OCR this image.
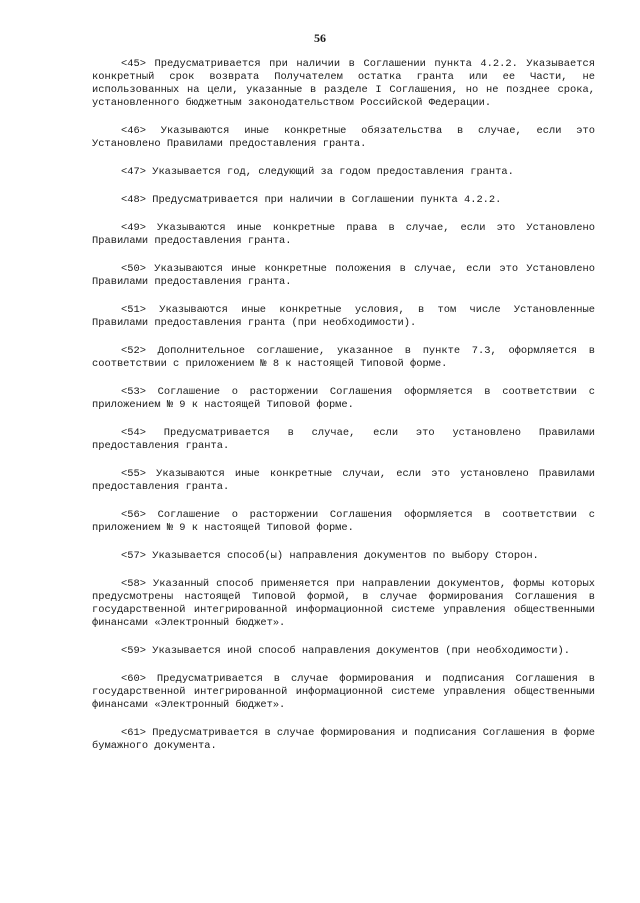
56

<45> Предусматривается при наличии в Соглашении пункта 4.2.2. Указывается конкретный срок возврата Получателем остатка гранта или ее Части, не использованных на цели, указанные в разделе I Соглашения, но не позднее срока, установленного бюджетным законодательством Российской Федерации.

<46> Указываются иные конкретные обязательства в случае, если это Установлено Правилами предоставления гранта.

<47> Указывается год, следующий за годом предоставления гранта.

<48> Предусматривается при наличии в Соглашении пункта 4.2.2.

<49> Указываются иные конкретные права в случае, если это Установлено Правилами предоставления гранта.

<50> Указываются иные конкретные положения в случае, если это Установлено Правилами предоставления гранта.

<51> Указываются иные конкретные условия, в том числе Установленные Правилами предоставления гранта (при необходимости).

<52> Дополнительное соглашение, указанное в пункте 7.3, оформляется в соответствии с приложением № 8 к настоящей Типовой форме.

<53> Соглашение о расторжении Соглашения оформляется в соответствии с приложением № 9 к настоящей Типовой форме.

<54> Предусматривается в случае, если это установлено Правилами предоставления гранта.

<55> Указываются иные конкретные случаи, если это установлено Правилами предоставления гранта.

<56> Соглашение о расторжении Соглашения оформляется в соответствии с приложением № 9 к настоящей Типовой форме.

<57> Указывается способ(ы) направления документов по выбору Сторон.

<58> Указанный способ применяется при направлении документов, формы которых предусмотрены настоящей Типовой формой, в случае формирования Соглашения в государственной интегрированной информационной системе управления общественными финансами «Электронный бюджет».

<59> Указывается иной способ направления документов (при необходимости).

<60> Предусматривается в случае формирования и подписания Соглашения в государственной интегрированной информационной системе управления общественными финансами «Электронный бюджет».

<61> Предусматривается в случае формирования и подписания Соглашения в форме бумажного документа.
